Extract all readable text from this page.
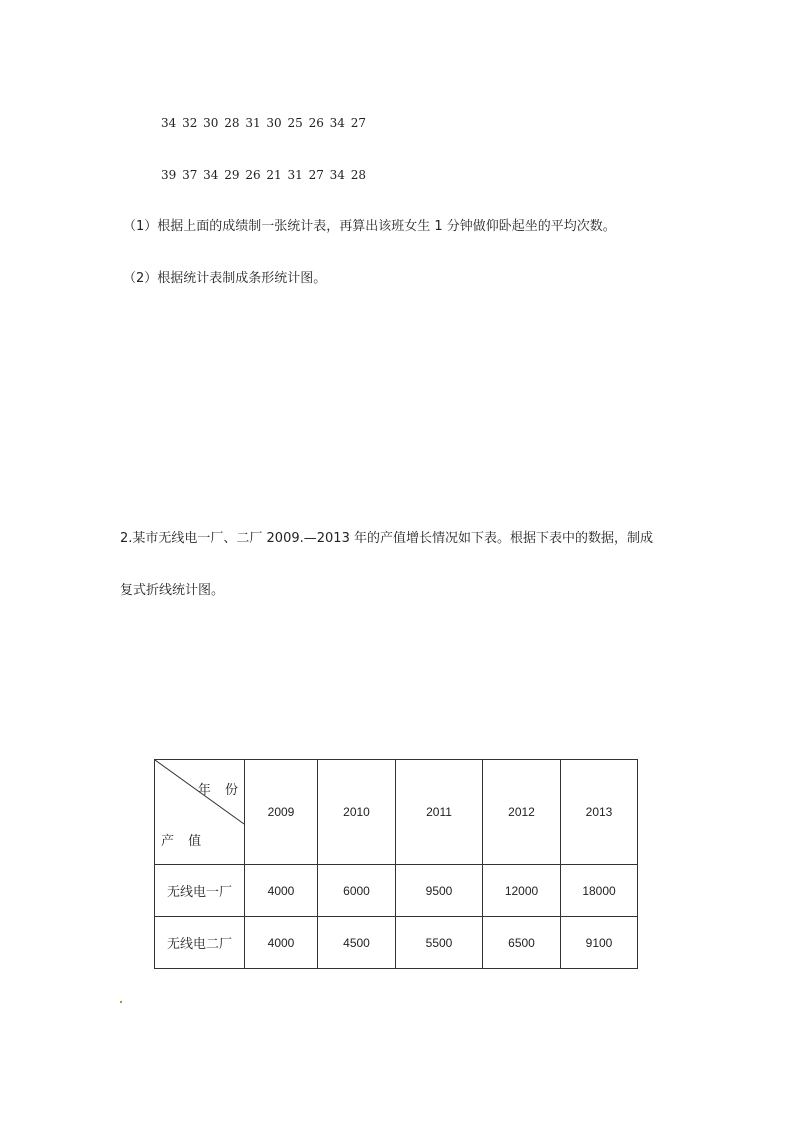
34 32 30 28 31 30 25 26 34 27
39 37 34 29 26 21 31 27 34 28
（1）根据上面的成绩制一张统计表，再算出该班女生 1 分钟做仰卧起坐的平均次数。
（2）根据统计表制成条形统计图。
2.某市无线电一厂、二厂 2009.—2013 年的产值增长情况如下表。根据下表中的数据，制成
复式折线统计图。
年 份
产 值	2009	2010	2011	2012	2013
无线电一厂	4000	6000	9500	12000	18000
无线电二厂	4000	4500	5500	6500	9100
